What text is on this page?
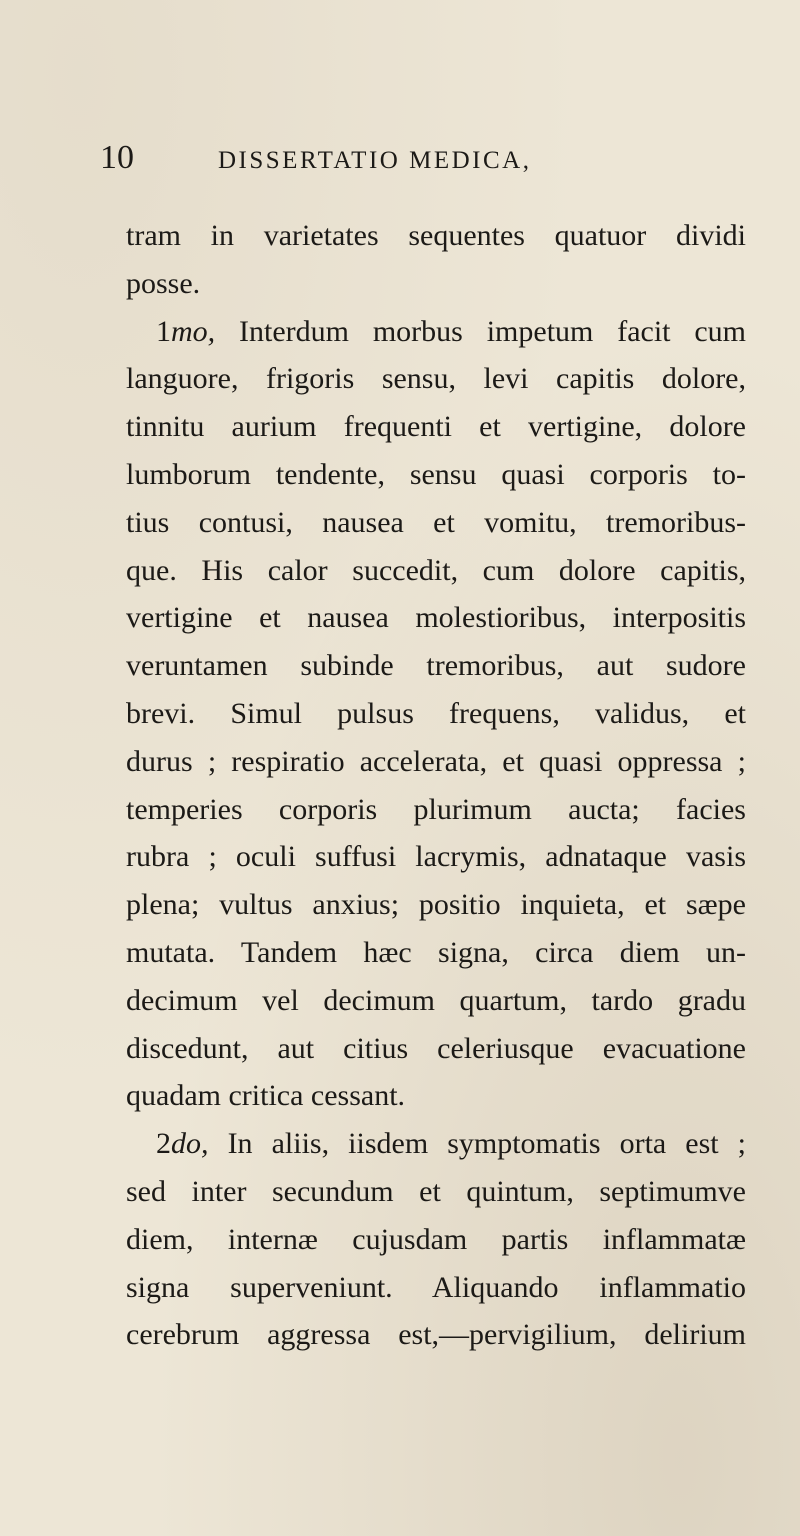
10	DISSERTATIO MEDICA,
tram in varietates sequentes quatuor dividi
posse.
1mo, Interdum morbus impetum facit cum
languore, frigoris sensu, levi capitis dolore,
tinnitu aurium frequenti et vertigine, dolore
lumborum tendente, sensu quasi corporis to-
tius contusi, nausea et vomitu, tremoribus-
que. His calor succedit, cum dolore capitis,
vertigine et nausea molestioribus, interpositis
veruntamen subinde tremoribus, aut sudore
brevi. Simul pulsus frequens, validus, et
durus ; respiratio accelerata, et quasi oppressa ;
temperies corporis plurimum aucta; facies
rubra ; oculi suffusi lacrymis, adnataque vasis
plena; vultus anxius; positio inquieta, et sæpe
mutata. Tandem hæc signa, circa diem un-
decimum vel decimum quartum, tardo gradu
discedunt, aut citius celeriusque evacuatione
quadam critica cessant.
2do, In aliis, iisdem symptomatis orta est ;
sed inter secundum et quintum, septimumve
diem, internæ cujusdam partis inflammatæ
signa superveniunt. Aliquando inflammatio
cerebrum aggressa est,—pervigilium, delirium
